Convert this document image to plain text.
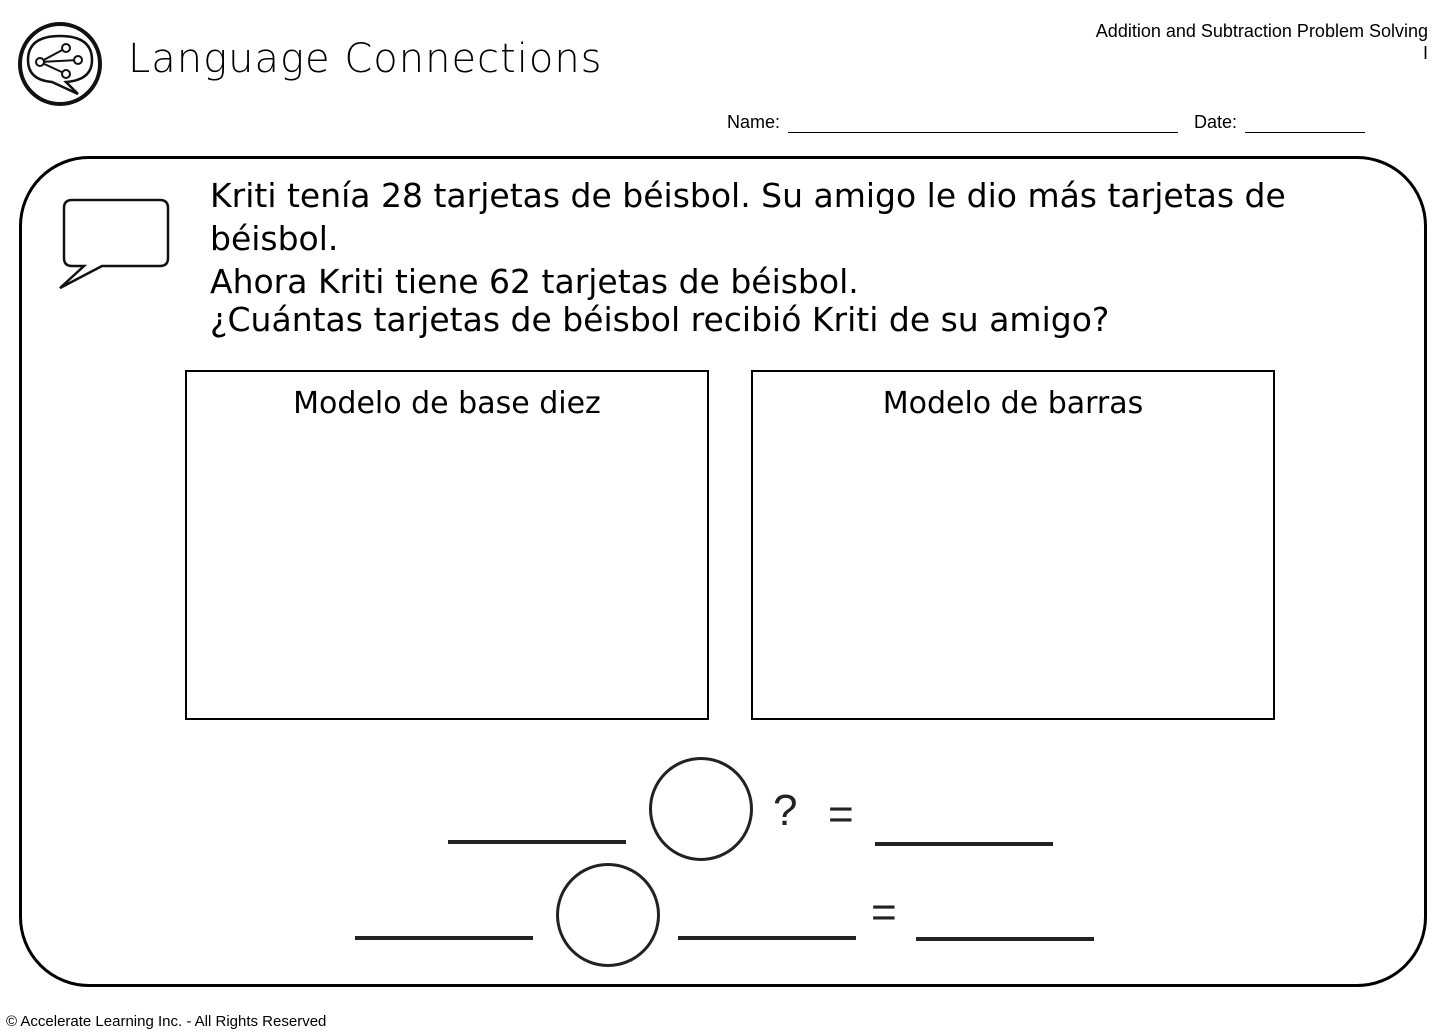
Language Connections
Addition and Subtraction Problem Solving
I
Name:	Date:

Kriti tenía 28 tarjetas de béisbol. Su amigo le dio más tarjetas de béisbol.

Ahora Kriti tiene 62 tarjetas de béisbol.

¿Cuántas tarjetas de béisbol recibió Kriti de su amigo?
Modelo de base diez	Modelo de barras
? =
=
© Accelerate Learning Inc. - All Rights Reserved
